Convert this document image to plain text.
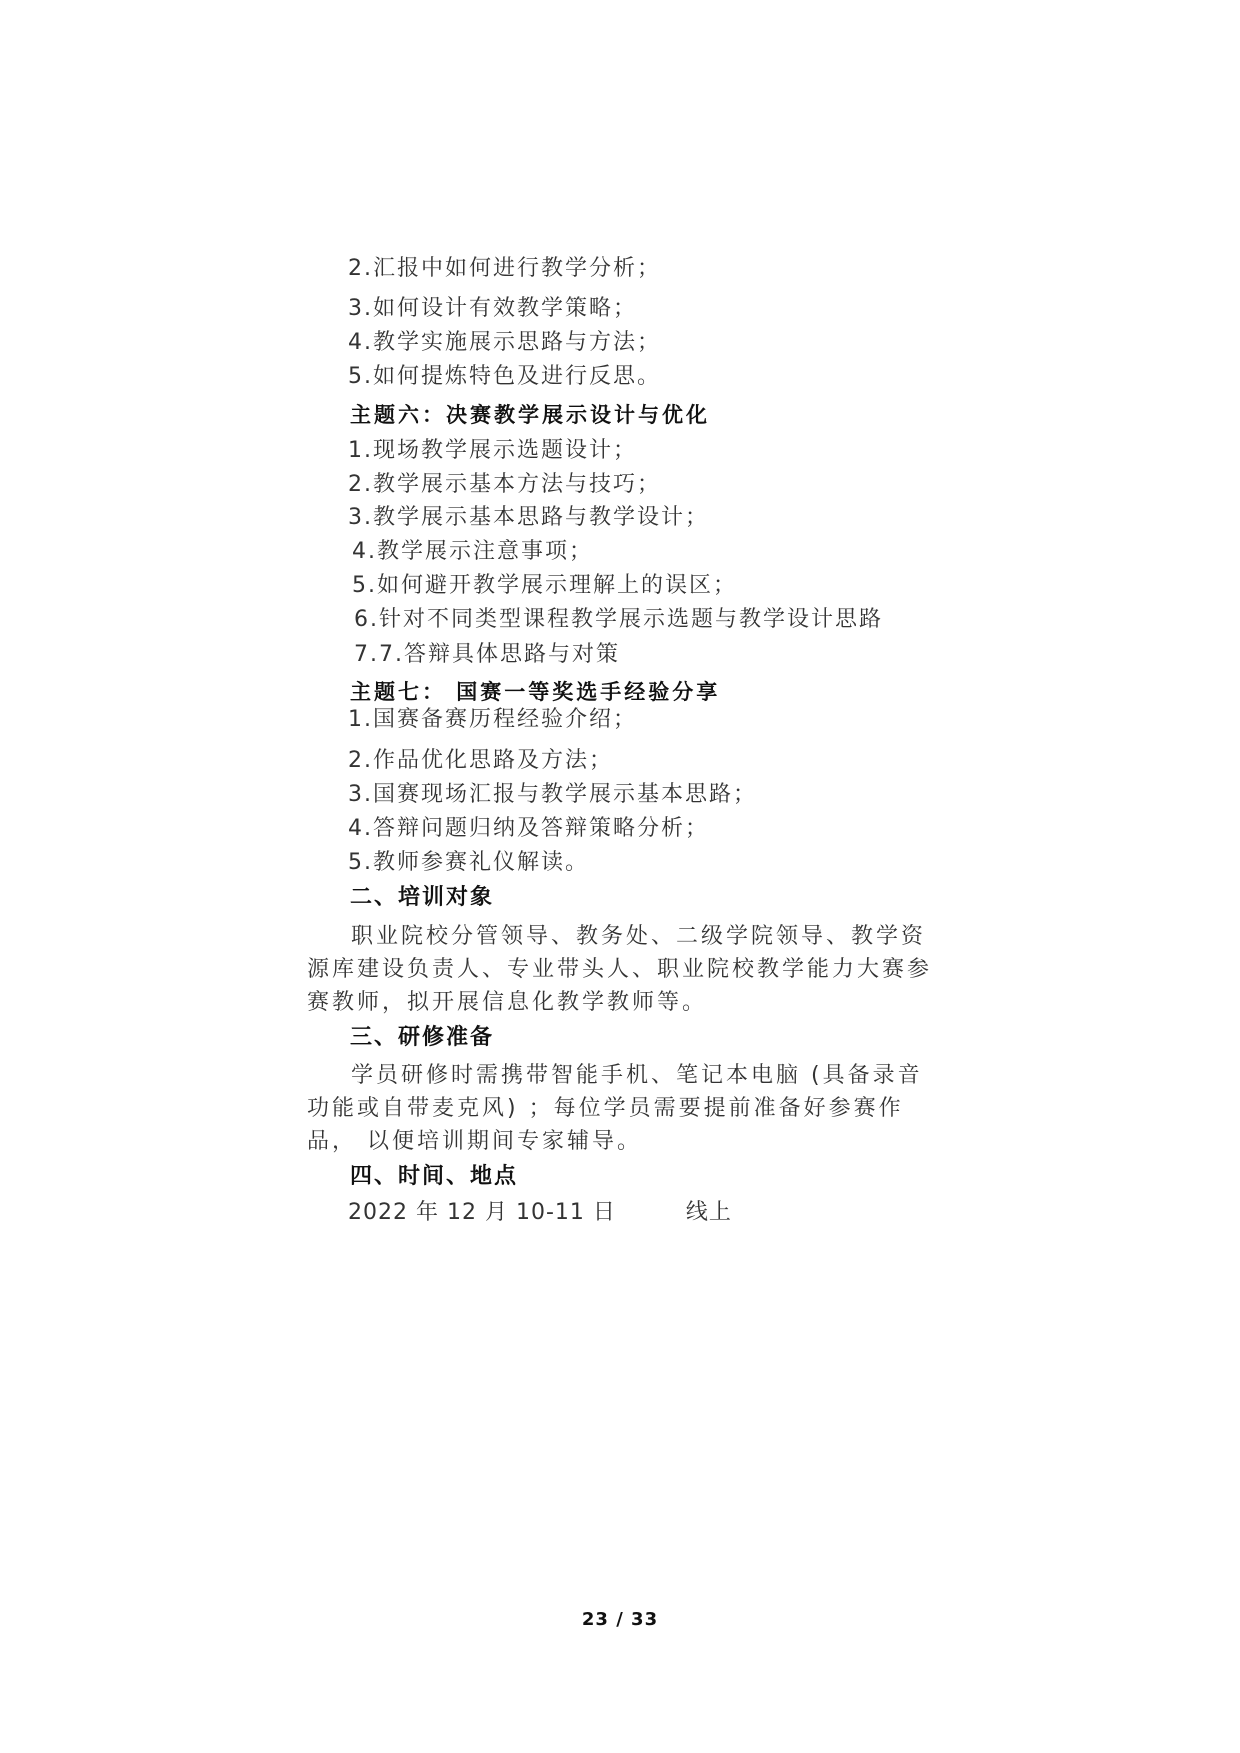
2.汇报中如何进行教学分析；
3.如何设计有效教学策略；
4.教学实施展示思路与方法；
5.如何提炼特色及进行反思。
主题六：决赛教学展示设计与优化
1.现场教学展示选题设计；
2.教学展示基本方法与技巧；
3.教学展示基本思路与教学设计；
4.教学展示注意事项；
5.如何避开教学展示理解上的误区；
6.针对不同类型课程教学展示选题与教学设计思路
7.7.答辩具体思路与对策
主题七： 国赛一等奖选手经验分享
1.国赛备赛历程经验介绍；
2.作品优化思路及方法；
3.国赛现场汇报与教学展示基本思路；
4.答辩问题归纳及答辩策略分析；
5.教师参赛礼仪解读。
二、培训对象

职业院校分管领导、教务处、二级学院领导、教学资源库建设负责人、专业带头人、职业院校教学能力大赛参赛教师，拟开展信息化教学教师等。

三、研修准备

学员研修时需携带智能手机、笔记本电脑 (具备录音功能或自带麦克风) ；每位学员需要提前准备好参赛作品， 以便培训期间专家辅导。

四、时间、地点
2022 年 12 月 10-11 日	线上
23 / 33
